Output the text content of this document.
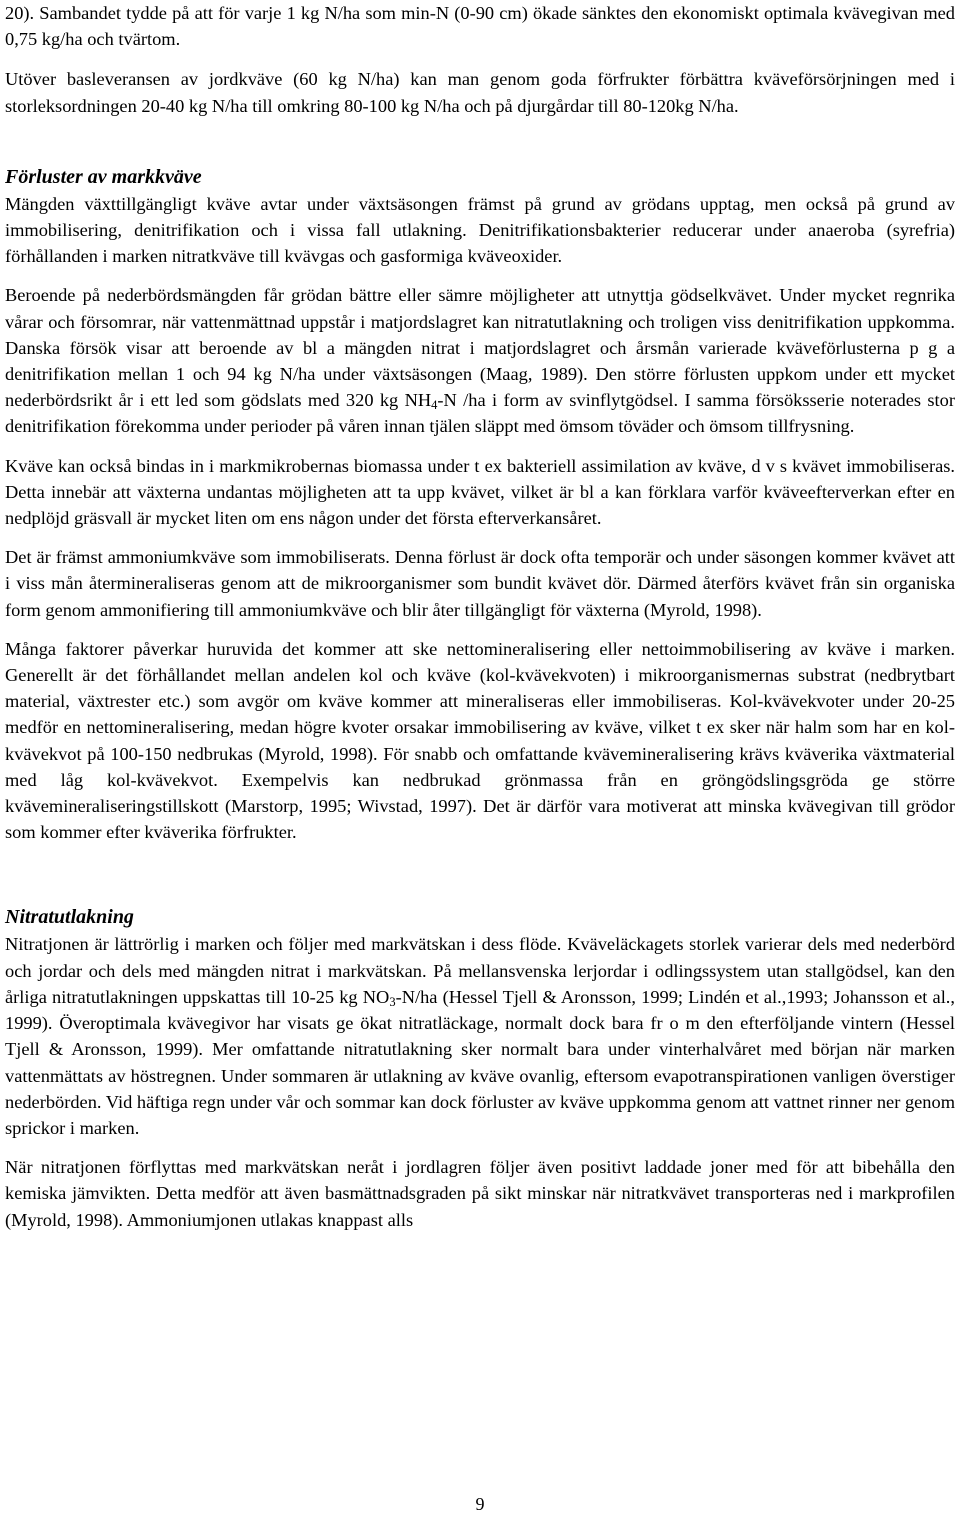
20). Sambandet tydde på att för varje 1 kg N/ha som min-N (0-90 cm) ökade sänktes den ekonomiskt optimala kvävegivan med 0,75 kg/ha och tvärtom.

Utöver basleveransen av jordkväve (60 kg N/ha) kan man genom goda förfrukter förbättra kväveförsörjningen med i storleksordningen 20-40 kg N/ha till omkring 80-100 kg N/ha och på djurgårdar till 80-120kg N/ha.

Förluster av markkväve

Mängden växttillgängligt kväve avtar under växtsäsongen främst på grund av grödans upptag, men också på grund av immobilisering, denitrifikation och i vissa fall utlakning. Denitrifikationsbakterier reducerar under anaeroba (syrefria) förhållanden i marken nitratkväve till kvävgas och gasformiga kväveoxider.

Beroende på nederbördsmängden får grödan bättre eller sämre möjligheter att utnyttja gödselkvävet. Under mycket regnrika vårar och försomrar, när vattenmättnad uppstår i matjordslagret kan nitratutlakning och troligen viss denitrifikation uppkomma. Danska försök visar att beroende av bl a mängden nitrat i matjordslagret och årsmån varierade kväveförlusterna p g a denitrifikation mellan 1 och 94 kg N/ha under växtsäsongen (Maag, 1989). Den större förlusten uppkom under ett mycket nederbördsrikt år i ett led som gödslats med 320 kg $NH_4-N$ /ha i form av svinflytgödsel. I samma försöksserie noterades stor denitrifikation förekomma under perioder på våren innan tjälen släppt med ömsom töväder och ömsom tillfrysning.

Kväve kan också bindas in i markmikrobernas biomassa under t ex bakteriell assimilation av kväve, d v s kvävet immobiliseras. Detta innebär att växterna undantas möjligheten att ta upp kvävet, vilket är bl a kan förklara varför kväveefterverkan efter en nedplöjd gräsvall är mycket liten om ens någon under det första efterverkansåret.

Det är främst ammoniumkväve som immobiliserats. Denna förlust är dock ofta temporär och under säsongen kommer kvävet att i viss mån återmineraliseras genom att de mikroorganismer som bundit kvävet dör. Därmed återförs kvävet från sin organiska form genom ammonifiering till ammoniumkväve och blir åter tillgängligt för växterna (Myrold, 1998).

Många faktorer påverkar huruvida det kommer att ske nettomineralisering eller nettoimmobilisering av kväve i marken. Generellt är det förhållandet mellan andelen kol och kväve (kol-kvävekvoten) i mikroorganismernas substrat (nedbrytbart material, växtrester etc.) som avgör om kväve kommer att mineraliseras eller immobiliseras. Kol-kvävekvoter under 20-25 medför en nettomineralisering, medan högre kvoter orsakar immobilisering av kväve, vilket t ex sker när halm som har en kol-kvävekvot på 100-150 nedbrukas (Myrold, 1998). För snabb och omfattande kvävemineralisering krävs kväverika växtmaterial med låg kol-kvävekvot. Exempelvis kan nedbrukad grönmassa från en gröngödslingsgröda ge större kvävemineraliseringstillskott (Marstorp, 1995; Wivstad, 1997). Det är därför vara motiverat att minska kvävegivan till grödor som kommer efter kväverika förfrukter.

Nitratutlakning

Nitratjonen är lättrörlig i marken och följer med markvätskan i dess flöde. Kväveläckagets storlek varierar dels med nederbörd och jordar och dels med mängden nitrat i markvätskan. På mellansvenska lerjordar i odlingssystem utan stallgödsel, kan den årliga nitratutlakningen uppskattas till 10-25 kg $NO_3-N/ha$ (Hessel Tjell & Aronsson, 1999; Lindén et al.,1993; Johansson et al., 1999). Överoptimala kvävegivor har visats ge ökat nitratläckage, normalt dock bara fr o m den efterföljande vintern (Hessel Tjell & Aronsson, 1999). Mer omfattande nitratutlakning sker normalt bara under vinterhalvåret med början när marken vattenmättats av höstregnen. Under sommaren är utlakning av kväve ovanlig, eftersom evapotranspirationen vanligen överstiger nederbörden. Vid häftiga regn under vår och sommar kan dock förluster av kväve uppkomma genom att vattnet rinner ner genom sprickor i marken.

När nitratjonen förflyttas med markvätskan neråt i jordlagren följer även positivt laddade joner med för att bibehålla den kemiska jämvikten. Detta medför att även basmättnadsgraden på sikt minskar när nitratkvävet transporteras ned i markprofilen (Myrold, 1998). Ammoniumjonen utlakas knappast alls

9
